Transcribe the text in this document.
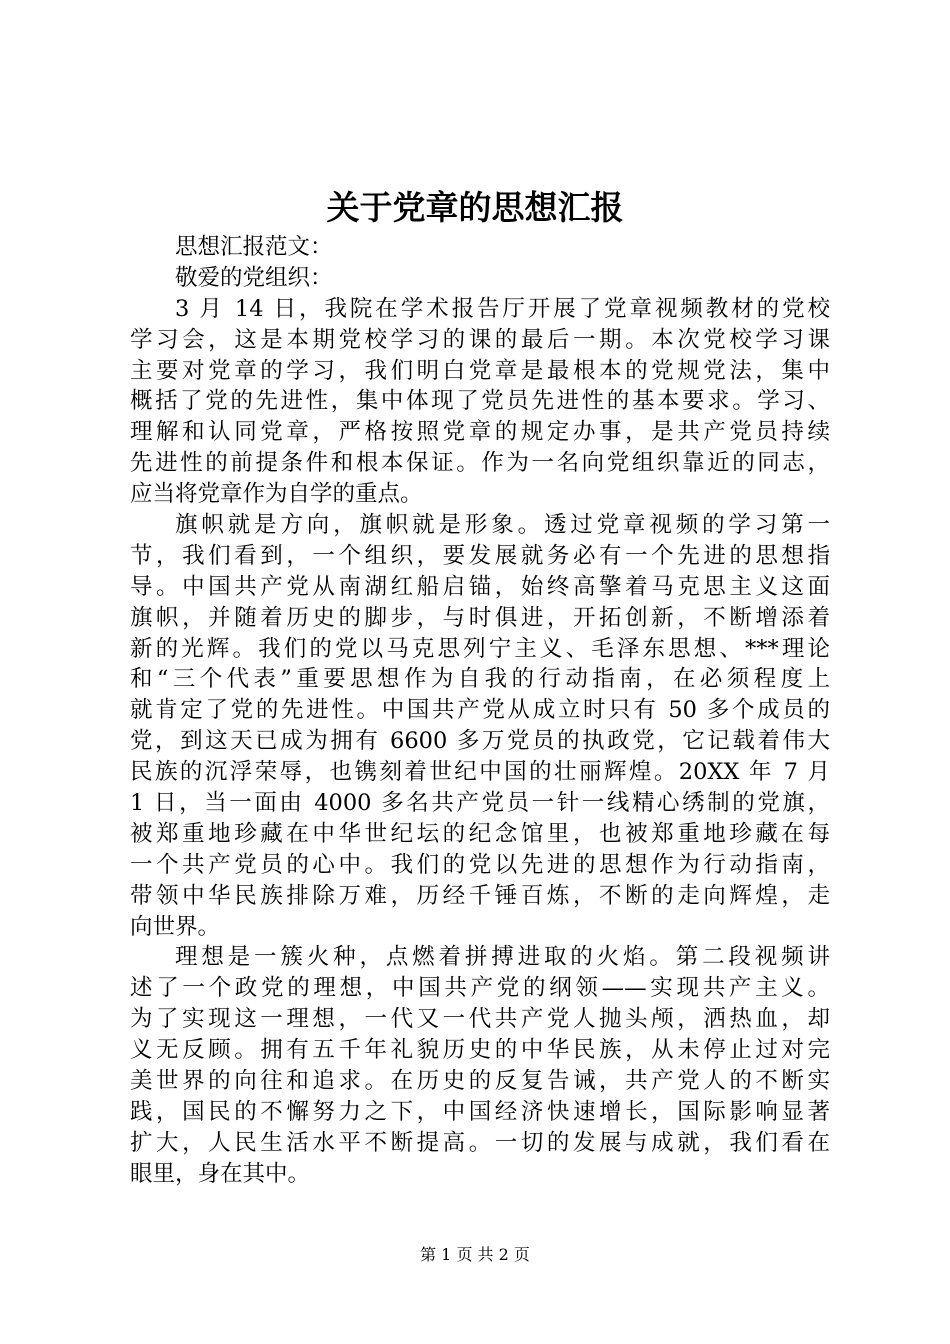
关于党章的思想汇报
思想汇报范文：
敬爱的党组织：
3 月 14 日，我院在学术报告厅开展了党章视频教材的党校
学习会，这是本期党校学习的课的最后一期。本次党校学习课
主要对党章的学习，我们明白党章是最根本的党规党法，集中
概括了党的先进性，集中体现了党员先进性的基本要求。学习、
理解和认同党章，严格按照党章的规定办事，是共产党员持续
先进性的前提条件和根本保证。作为一名向党组织靠近的同志，
应当将党章作为自学的重点。
旗帜就是方向，旗帜就是形象。透过党章视频的学习第一
节，我们看到，一个组织，要发展就务必有一个先进的思想指
导。中国共产党从南湖红船启锚，始终高擎着马克思主义这面
旗帜，并随着历史的脚步，与时俱进，开拓创新，不断增添着
新的光辉。我们的党以马克思列宁主义、毛泽东思想、***理论
和“三个代表”重要思想作为自我的行动指南，在必须程度上
就肯定了党的先进性。中国共产党从成立时只有 50 多个成员的
党，到这天已成为拥有 6600 多万党员的执政党，它记载着伟大
民族的沉浮荣辱，也镌刻着世纪中国的壮丽辉煌。20XX 年 7 月
1 日，当一面由 4000 多名共产党员一针一线精心绣制的党旗，
被郑重地珍藏在中华世纪坛的纪念馆里，也被郑重地珍藏在每
一个共产党员的心中。我们的党以先进的思想作为行动指南，
带领中华民族排除万难，历经千锤百炼，不断的走向辉煌，走
向世界。
理想是一簇火种，点燃着拼搏进取的火焰。第二段视频讲
述了一个政党的理想，中国共产党的纲领——实现共产主义。
为了实现这一理想，一代又一代共产党人抛头颅，洒热血，却
义无反顾。拥有五千年礼貌历史的中华民族，从未停止过对完
美世界的向往和追求。在历史的反复告诫，共产党人的不断实
践，国民的不懈努力之下，中国经济快速增长，国际影响显著
扩大，人民生活水平不断提高。一切的发展与成就，我们看在
眼里，身在其中。
第 1 页 共 2 页
